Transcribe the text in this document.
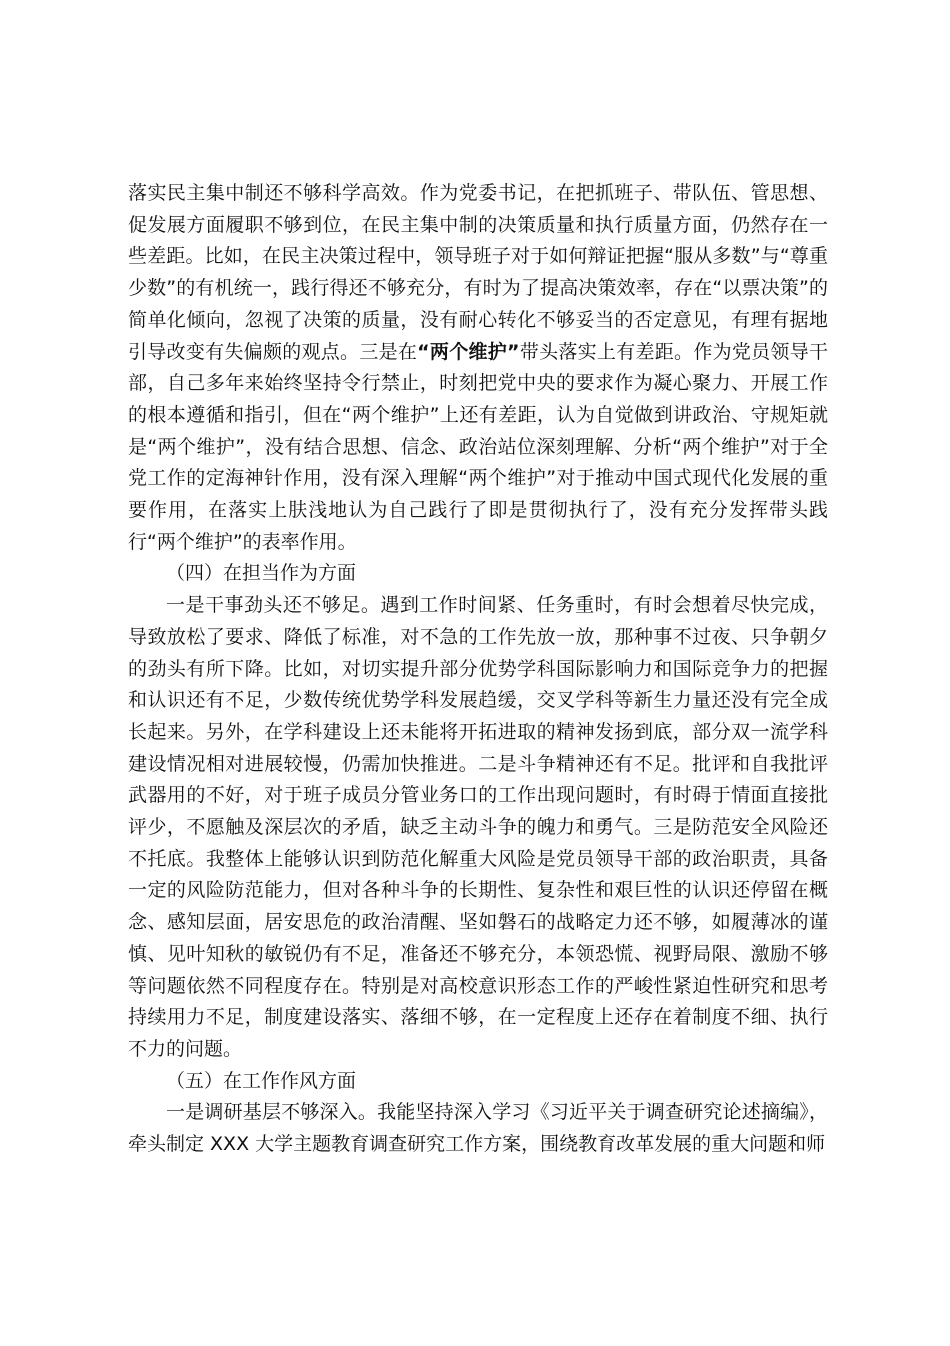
落实民主集中制还不够科学高效。作为党委书记，在把抓班子、带队伍、管思想、促发展方面履职不够到位，在民主集中制的决策质量和执行质量方面，仍然存在一些差距。比如，在民主决策过程中，领导班子对于如何辩证把握“服从多数”与“尊重少数”的有机统一，践行得还不够充分，有时为了提高决策效率，存在“以票决策”的简单化倾向，忽视了决策的质量，没有耐心转化不够妥当的否定意见，有理有据地引导改变有失偏颇的观点。三是在“两个维护”带头落实上有差距。作为党员领导干部，自己多年来始终坚持令行禁止，时刻把党中央的要求作为凝心聚力、开展工作的根本遵循和指引，但在“两个维护”上还有差距，认为自觉做到讲政治、守规矩就是“两个维护”，没有结合思想、信念、政治站位深刻理解、分析“两个维护”对于全党工作的定海神针作用，没有深入理解“两个维护”对于推动中国式现代化发展的重要作用，在落实上肤浅地认为自己践行了即是贯彻执行了，没有充分发挥带头践行“两个维护”的表率作用。

（四）在担当作为方面

一是干事劲头还不够足。遇到工作时间紧、任务重时，有时会想着尽快完成，导致放松了要求、降低了标准，对不急的工作先放一放，那种事不过夜、只争朝夕的劲头有所下降。比如，对切实提升部分优势学科国际影响力和国际竞争力的把握和认识还有不足，少数传统优势学科发展趋缓，交叉学科等新生力量还没有完全成长起来。另外，在学科建设上还未能将开拓进取的精神发扬到底，部分双一流学科建设情况相对进展较慢，仍需加快推进。二是斗争精神还有不足。批评和自我批评武器用的不好，对于班子成员分管业务口的工作出现问题时，有时碍于情面直接批评少，不愿触及深层次的矛盾，缺乏主动斗争的魄力和勇气。三是防范安全风险还不托底。我整体上能够认识到防范化解重大风险是党员领导干部的政治职责，具备一定的风险防范能力，但对各种斗争的长期性、复杂性和艰巨性的认识还停留在概念、感知层面，居安思危的政治清醒、坚如磐石的战略定力还不够，如履薄冰的谨慎、见叶知秋的敏锐仍有不足，准备还不够充分，本领恐慌、视野局限、激励不够等问题依然不同程度存在。特别是对高校意识形态工作的严峻性紧迫性研究和思考持续用力不足，制度建设落实、落细不够，在一定程度上还存在着制度不细、执行不力的问题。

（五）在工作作风方面

一是调研基层不够深入。我能坚持深入学习《习近平关于调查研究论述摘编》，牵头制定 XXX 大学主题教育调查研究工作方案，围绕教育改革发展的重大问题和师
